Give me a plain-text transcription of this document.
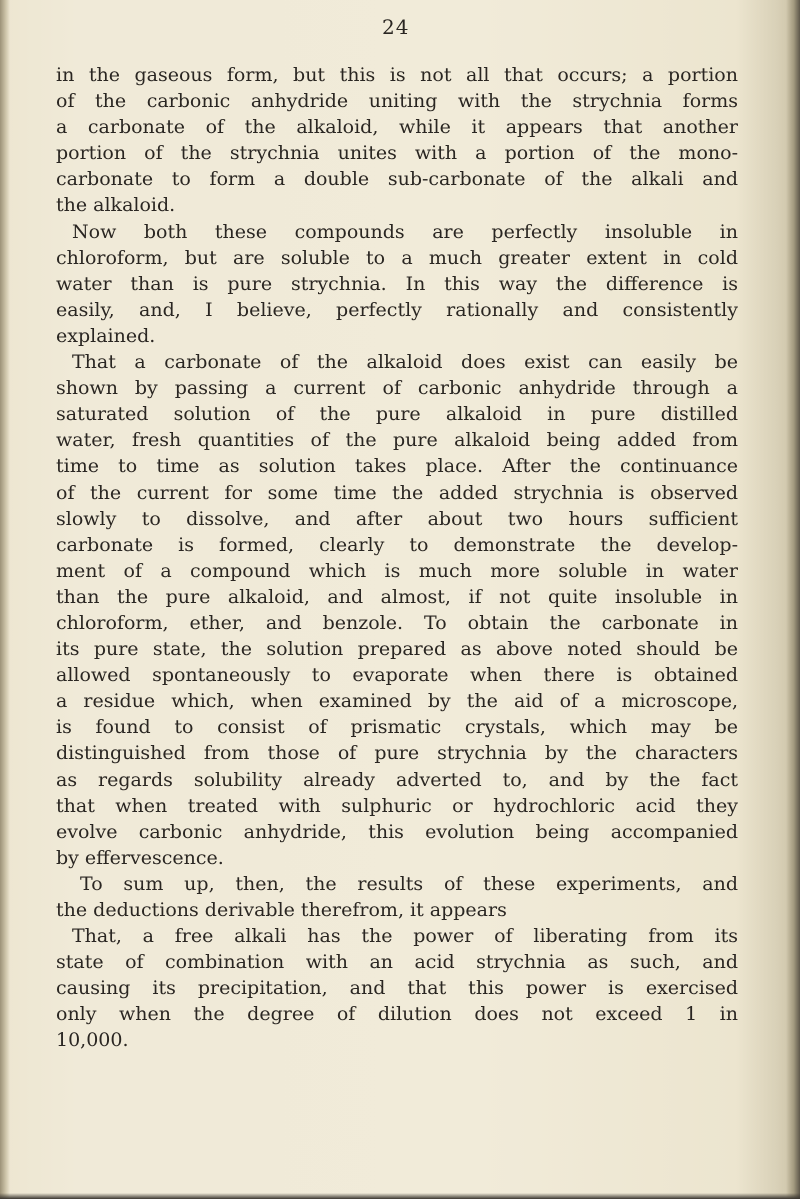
24
in the gaseous form, but this is not all that occurs; a portion
of the carbonic anhydride uniting with the strychnia forms
a carbonate of the alkaloid, while it appears that another
portion of the strychnia unites with a portion of the mono-
carbonate to form a double sub-carbonate of the alkali and
the alkaloid.
Now both these compounds are perfectly insoluble in
chloroform, but are soluble to a much greater extent in cold
water than is pure strychnia. In this way the difference is
easily, and, I believe, perfectly rationally and consistently
explained.
That a carbonate of the alkaloid does exist can easily be
shown by passing a current of carbonic anhydride through a
saturated solution of the pure alkaloid in pure distilled
water, fresh quantities of the pure alkaloid being added from
time to time as solution takes place. After the continuance
of the current for some time the added strychnia is observed
slowly to dissolve, and after about two hours sufficient
carbonate is formed, clearly to demonstrate the develop-
ment of a compound which is much more soluble in water
than the pure alkaloid, and almost, if not quite insoluble in
chloroform, ether, and benzole. To obtain the carbonate in
its pure state, the solution prepared as above noted should be
allowed spontaneously to evaporate when there is obtained
a residue which, when examined by the aid of a microscope,
is found to consist of prismatic crystals, which may be
distinguished from those of pure strychnia by the characters
as regards solubility already adverted to, and by the fact
that when treated with sulphuric or hydrochloric acid they
evolve carbonic anhydride, this evolution being accompanied
by effervescence.
To sum up, then, the results of these experiments, and
the deductions derivable therefrom, it appears
That, a free alkali has the power of liberating from its
state of combination with an acid strychnia as such, and
causing its precipitation, and that this power is exercised
only when the degree of dilution does not exceed 1 in
10,000.
